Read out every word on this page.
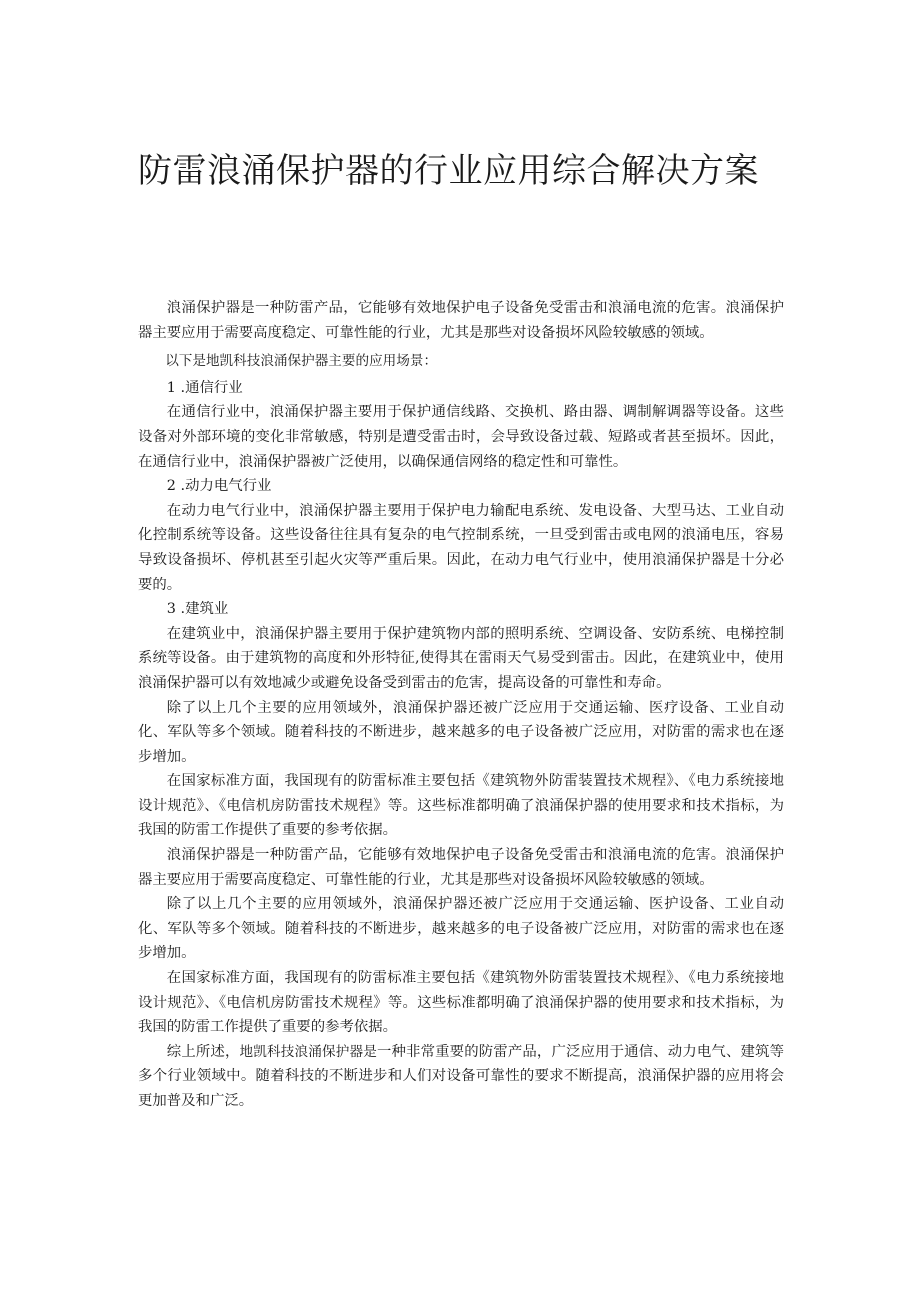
防雷浪涌保护器的行业应用综合解决方案

浪涌保护器是一种防雷产品，它能够有效地保护电子设备免受雷击和浪涌电流的危害。浪涌保护器主要应用于需要高度稳定、可靠性能的行业，尤其是那些对设备损坏风险较敏感的领域。

以下是地凯科技浪涌保护器主要的应用场景：

1 .通信行业

在通信行业中，浪涌保护器主要用于保护通信线路、交换机、路由器、调制解调器等设备。这些设备对外部环境的变化非常敏感，特别是遭受雷击时，会导致设备过载、短路或者甚至损坏。因此，在通信行业中，浪涌保护器被广泛使用，以确保通信网络的稳定性和可靠性。

2 .动力电气行业

在动力电气行业中，浪涌保护器主要用于保护电力输配电系统、发电设备、大型马达、工业自动化控制系统等设备。这些设备往往具有复杂的电气控制系统，一旦受到雷击或电网的浪涌电压，容易导致设备损坏、停机甚至引起火灾等严重后果。因此，在动力电气行业中，使用浪涌保护器是十分必要的。

3 .建筑业

在建筑业中，浪涌保护器主要用于保护建筑物内部的照明系统、空调设备、安防系统、电梯控制系统等设备。由于建筑物的高度和外形特征,使得其在雷雨天气易受到雷击。因此，在建筑业中，使用浪涌保护器可以有效地减少或避免设备受到雷击的危害，提高设备的可靠性和寿命。

除了以上几个主要的应用领域外，浪涌保护器还被广泛应用于交通运输、医疗设备、工业自动化、军队等多个领域。随着科技的不断进步，越来越多的电子设备被广泛应用，对防雷的需求也在逐步增加。

在国家标准方面，我国现有的防雷标准主要包括《建筑物外防雷装置技术规程》、《电力系统接地设计规范》、《电信机房防雷技术规程》等。这些标准都明确了浪涌保护器的使用要求和技术指标，为我国的防雷工作提供了重要的参考依据。

浪涌保护器是一种防雷产品，它能够有效地保护电子设备免受雷击和浪涌电流的危害。浪涌保护器主要应用于需要高度稳定、可靠性能的行业，尤其是那些对设备损坏风险较敏感的领域。

除了以上几个主要的应用领域外，浪涌保护器还被广泛应用于交通运输、医护设备、工业自动化、军队等多个领域。随着科技的不断进步，越来越多的电子设备被广泛应用，对防雷的需求也在逐步增加。

在国家标准方面，我国现有的防雷标准主要包括《建筑物外防雷装置技术规程》、《电力系统接地设计规范》、《电信机房防雷技术规程》等。这些标准都明确了浪涌保护器的使用要求和技术指标，为我国的防雷工作提供了重要的参考依据。

综上所述，地凯科技浪涌保护器是一种非常重要的防雷产品，广泛应用于通信、动力电气、建筑等多个行业领域中。随着科技的不断进步和人们对设备可靠性的要求不断提高，浪涌保护器的应用将会更加普及和广泛。
